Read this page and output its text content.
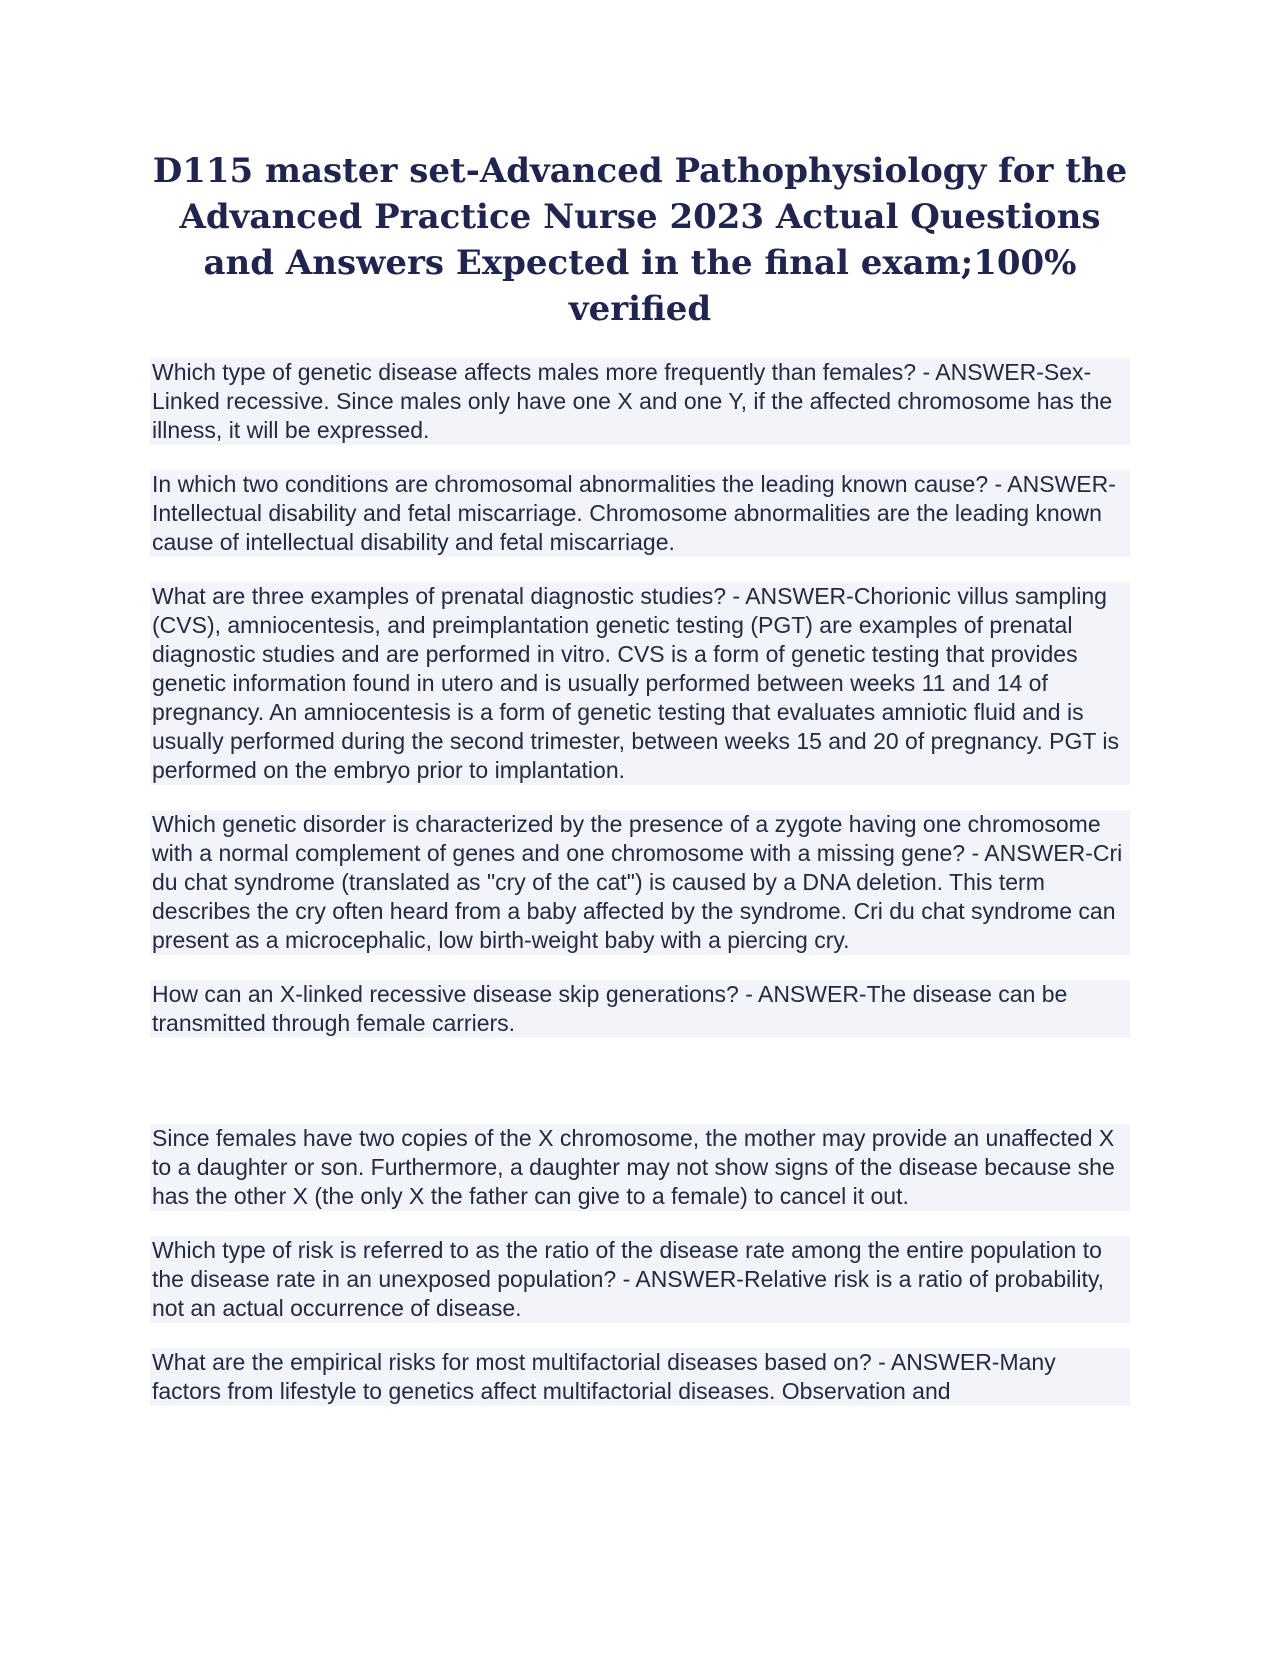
D115 master set-Advanced Pathophysiology for the Advanced Practice Nurse 2023 Actual Questions and Answers Expected in the final exam;100% verified

Which type of genetic disease affects males more frequently than females? - ANSWER-Sex-Linked recessive. Since males only have one X and one Y, if the affected chromosome has the illness, it will be expressed.

In which two conditions are chromosomal abnormalities the leading known cause? - ANSWER-Intellectual disability and fetal miscarriage. Chromosome abnormalities are the leading known cause of intellectual disability and fetal miscarriage.

What are three examples of prenatal diagnostic studies? - ANSWER-Chorionic villus sampling (CVS), amniocentesis, and preimplantation genetic testing (PGT) are examples of prenatal diagnostic studies and are performed in vitro. CVS is a form of genetic testing that provides genetic information found in utero and is usually performed between weeks 11 and 14 of pregnancy. An amniocentesis is a form of genetic testing that evaluates amniotic fluid and is usually performed during the second trimester, between weeks 15 and 20 of pregnancy. PGT is performed on the embryo prior to implantation.

Which genetic disorder is characterized by the presence of a zygote having one chromosome with a normal complement of genes and one chromosome with a missing gene? - ANSWER-Cri du chat syndrome (translated as "cry of the cat") is caused by a DNA deletion. This term describes the cry often heard from a baby affected by the syndrome. Cri du chat syndrome can present as a microcephalic, low birth-weight baby with a piercing cry.

How can an X-linked recessive disease skip generations? - ANSWER-The disease can be transmitted through female carriers.

Since females have two copies of the X chromosome, the mother may provide an unaffected X to a daughter or son. Furthermore, a daughter may not show signs of the disease because she has the other X (the only X the father can give to a female) to cancel it out.

Which type of risk is referred to as the ratio of the disease rate among the entire population to the disease rate in an unexposed population? - ANSWER-Relative risk is a ratio of probability, not an actual occurrence of disease.

What are the empirical risks for most multifactorial diseases based on? - ANSWER-Many factors from lifestyle to genetics affect multifactorial diseases. Observation and
